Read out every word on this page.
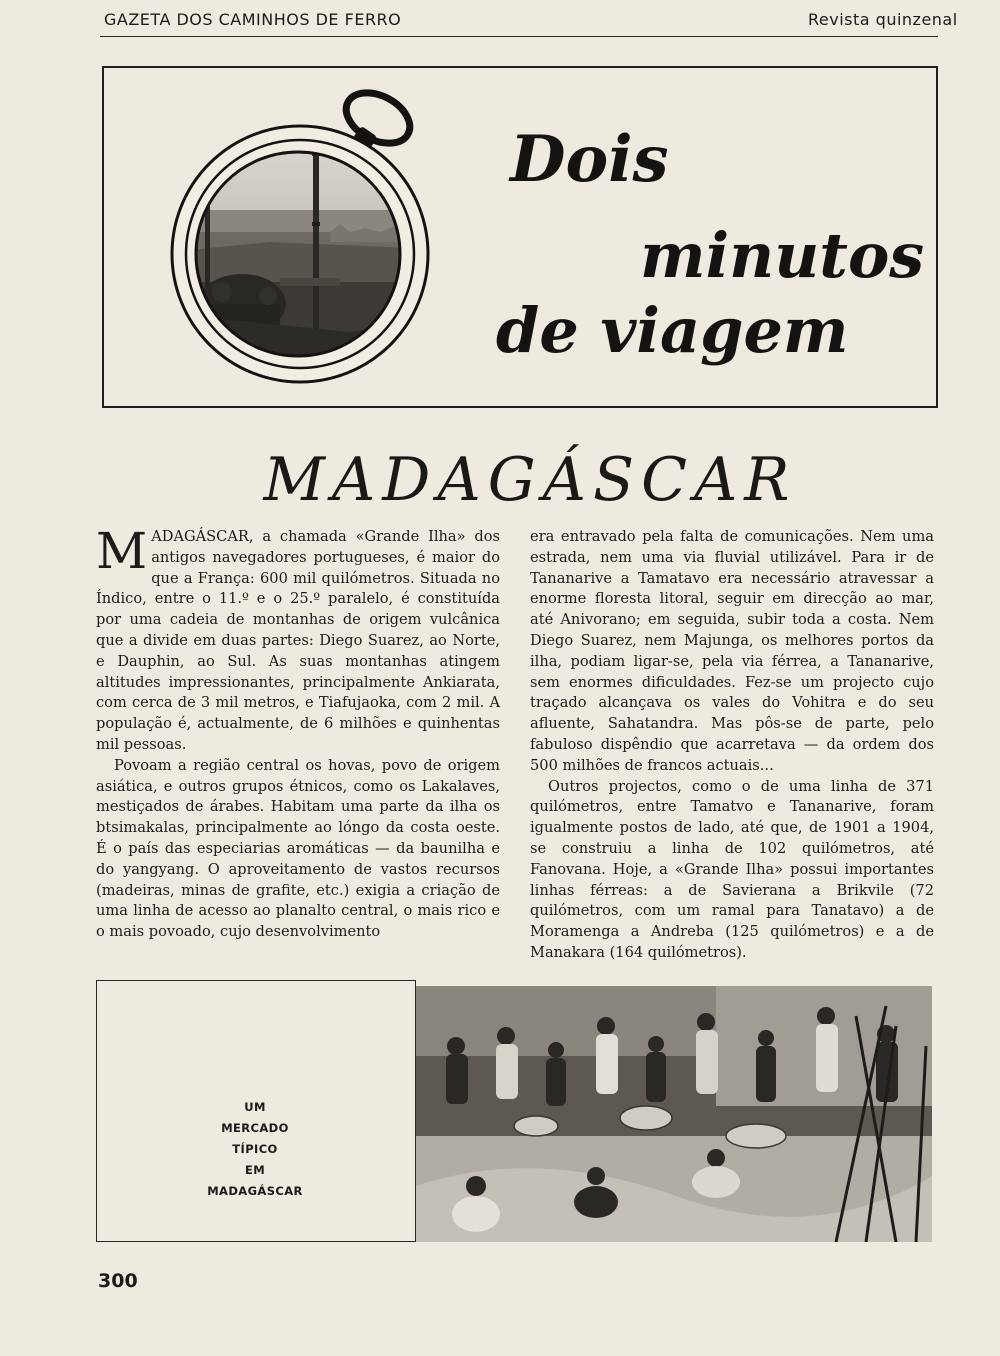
GAZETA DOS CAMINHOS DE FERRO	Revista quinzenal
Dois
minutos
de viagem
MADAGÁSCAR

MADAGÁSCAR, a chamada «Grande Ilha» dos antigos navegadores portugueses, é maior do que a França: 600 mil quilómetros. Situada no Índico, entre o 11.º e o 25.º paralelo, é constituída por uma cadeia de montanhas de origem vulcânica que a divide em duas partes: Diego Suarez, ao Norte, e Dauphin, ao Sul. As suas montanhas atingem altitudes impressionantes, principalmente Ankiarata, com cerca de 3 mil metros, e Tiafujaoka, com 2 mil. A população é, actualmente, de 6 milhões e quinhentas mil pessoas.

Povoam a região central os hovas, povo de origem asiática, e outros grupos étnicos, como os Lakalaves, mestiçados de árabes. Habitam uma parte da ilha os btsimakalas, principalmente ao lóngo da costa oeste. É o país das especiarias aromáticas — da baunilha e do yangyang. O aproveitamento de vastos recursos (madeiras, minas de grafite, etc.) exigia a criação de uma linha de acesso ao planalto central, o mais rico e o mais povoado, cujo desenvolvimento

era entravado pela falta de comunicações. Nem uma estrada, nem uma via fluvial utilizável. Para ir de Tananarive a Tamatavo era necessário atravessar a enorme floresta litoral, seguir em direcção ao mar, até Anivorano; em seguida, subir toda a costa. Nem Diego Suarez, nem Majunga, os melhores portos da ilha, podiam ligar-se, pela via férrea, a Tananarive, sem enormes dificuldades. Fez-se um projecto cujo traçado alcançava os vales do Vohitra e do seu afluente, Sahatandra. Mas pôs-se de parte, pelo fabuloso dispêndio que acarretava — da ordem dos 500 milhões de francos actuais...

Outros projectos, como o de uma linha de 371 quilómetros, entre Tamatvo e Tananarive, foram igualmente postos de lado, até que, de 1901 a 1904, se construiu a linha de 102 quilómetros, até Fanovana. Hoje, a «Grande Ilha» possui importantes linhas férreas: a de Savierana a Brikvile (72 quilómetros, com um ramal para Tanatavo) a de Moramenga a Andreba (125 quilómetros) e a de Manakara (164 quilómetros).

UM
MERCADO
TÍPICO
EM
MADAGÁSCAR
300
